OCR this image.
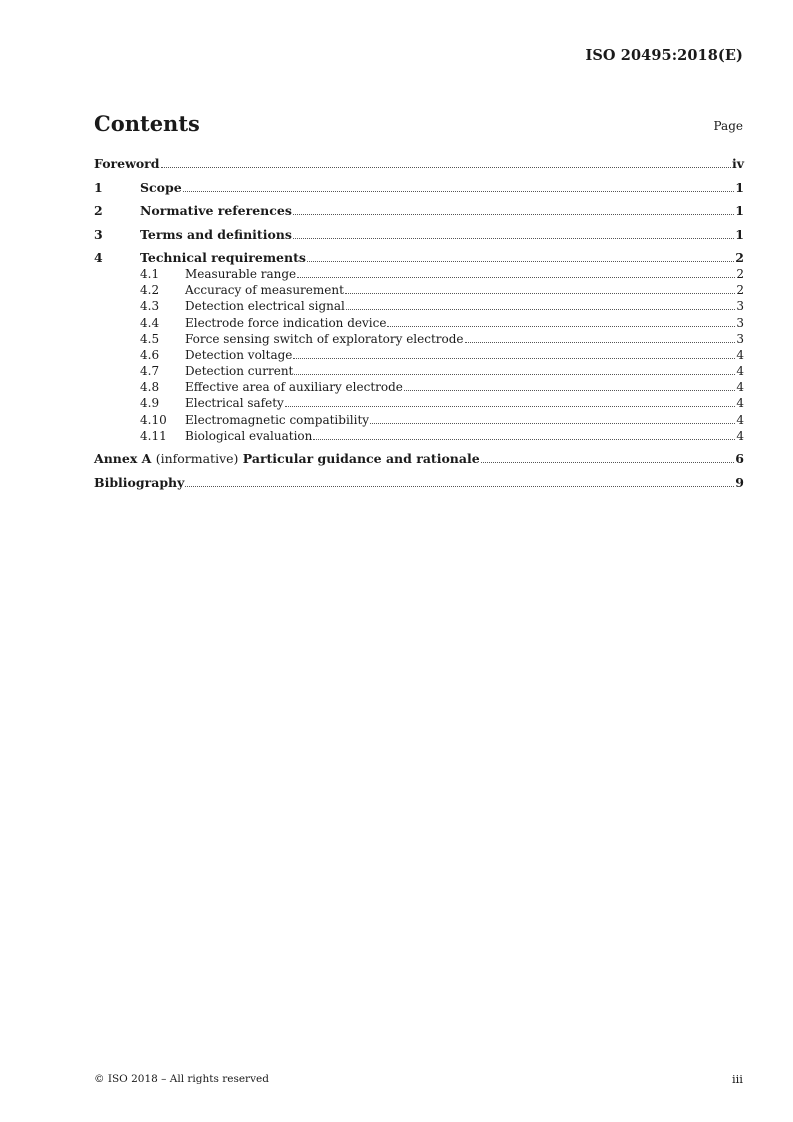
ISO 20495:2018(E)
Contents	Page
Foreword	iv
1	Scope	1
2	Normative references	1
3	Terms and definitions	1
4	Technical requirements	2
4.1	Measurable range	2
4.2	Accuracy of measurement	2
4.3	Detection electrical signal	3
4.4	Electrode force indication device	3
4.5	Force sensing switch of exploratory electrode	3
4.6	Detection voltage	4
4.7	Detection current	4
4.8	Effective area of auxiliary electrode	4
4.9	Electrical safety	4
4.10	Electromagnetic compatibility	4
4.11	Biological evaluation	4
Annex A (informative) Particular guidance and rationale	6
Bibliography	9
© ISO 2018 – All rights reserved	iii
